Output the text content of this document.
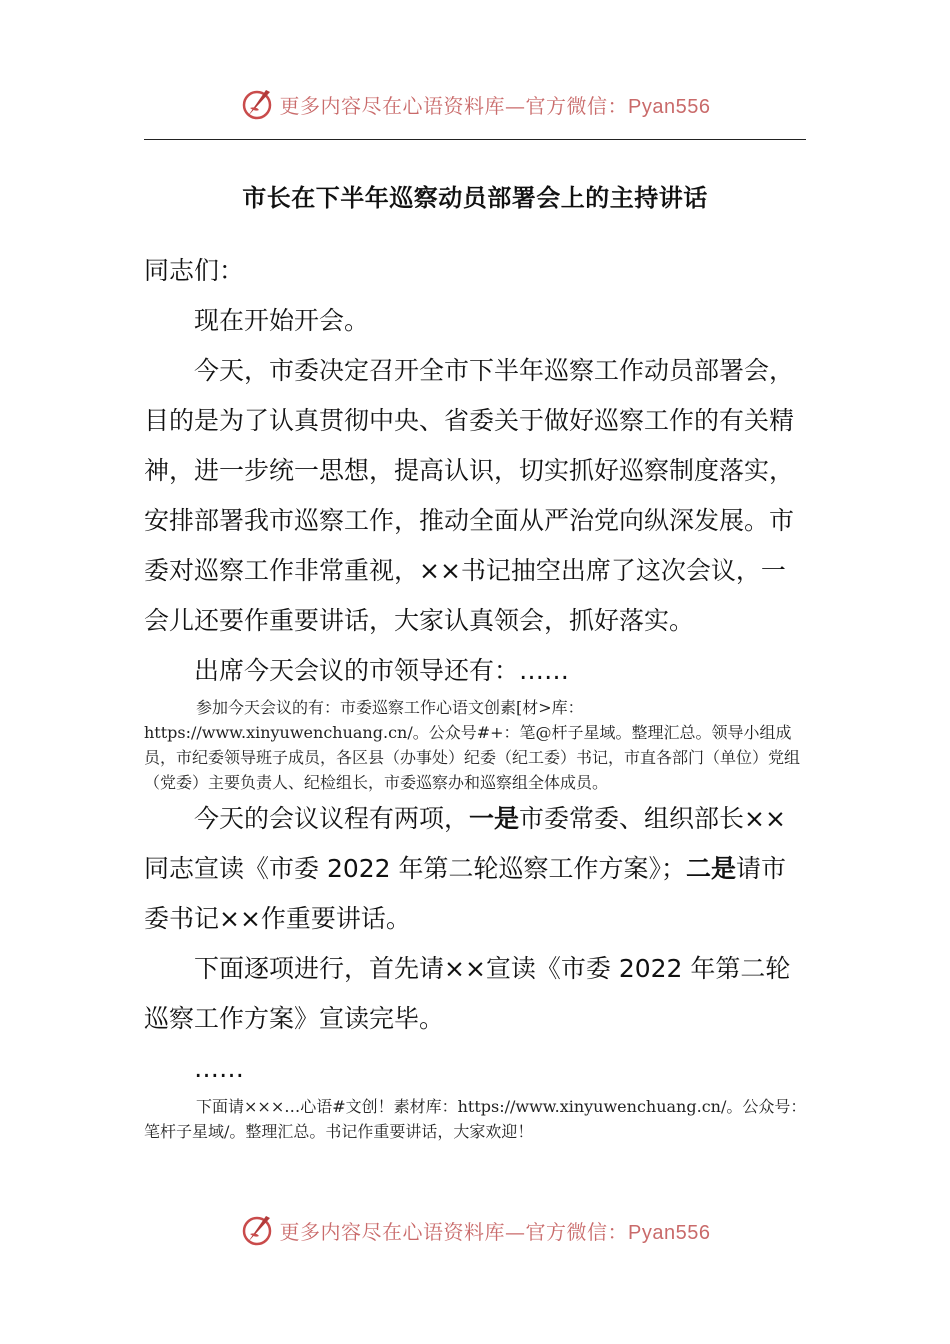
更多内容尽在心语资料库—官方微信：Pyan556
市长在下半年巡察动员部署会上的主持讲话

同志们：

现在开始开会。

今天，市委决定召开全市下半年巡察工作动员部署会，目的是为了认真贯彻中央、省委关于做好巡察工作的有关精神，进一步统一思想，提高认识，切实抓好巡察制度落实，安排部署我市巡察工作，推动全面从严治党向纵深发展。市委对巡察工作非常重视，××书记抽空出席了这次会议，一会儿还要作重要讲话，大家认真领会，抓好落实。

出席今天会议的市领导还有：……

参加今天会议的有：市委巡察工作心语文创素[材>库：https://www.xinyuwenchuang.cn/。公众号#+：笔@杆子星域。整理汇总。领导小组成员，市纪委领导班子成员，各区县（办事处）纪委（纪工委）书记，市直各部门（单位）党组（党委）主要负责人、纪检组长，市委巡察办和巡察组全体成员。

今天的会议议程有两项，一是市委常委、组织部长××同志宣读《市委 2022 年第二轮巡察工作方案》；二是请市委书记××作重要讲话。

下面逐项进行，首先请××宣读《市委 2022 年第二轮巡察工作方案》宣读完毕。

……

下面请×××…心语#文创！素材库：https://www.xinyuwenchuang.cn/。公众号：笔杆子星域/。整理汇总。书记作重要讲话，大家欢迎！
更多内容尽在心语资料库—官方微信：Pyan556
